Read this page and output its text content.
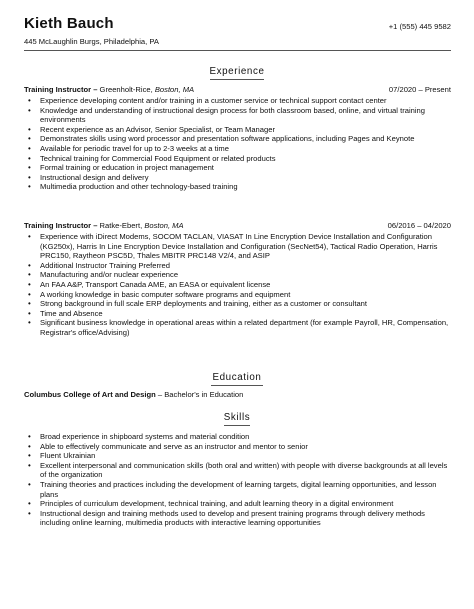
Kieth Bauch
445 McLaughlin Burgs, Philadelphia, PA
+1 (555) 445 9582
Experience
Training Instructor – Greenholt-Rice, Boston, MA	07/2020 – Present
• Experience developing content and/or training in a customer service or technical support contact center
• Knowledge and understanding of instructional design process for both classroom based, online, and virtual training environments
• Recent experience as an Advisor, Senior Specialist, or Team Manager
• Demonstrates skills using word processor and presentation software applications, including Pages and Keynote
• Available for periodic travel for up to 2-3 weeks at a time
• Technical training for Commercial Food Equipment or related products
• Formal training or education in project management
• Instructional design and delivery
• Multimedia production and other technology-based training
Training Instructor – Ratke-Ebert, Boston, MA	06/2016 – 04/2020
• Experience with iDirect Modems, SOCOM TACLAN, VIASAT In Line Encryption Device Installation and Configuration (KG250x), Harris In Line Encryption Device Installation and Configuration (SecNet54), Tactical Radio Operation, Harris PRC150, Raytheon PSC5D, Thales MBITR PRC148 V2/4, and ASIP
• Additional Instructor Training Preferred
• Manufacturing and/or nuclear experience
• An FAA A&P, Transport Canada AME, an EASA or equivalent license
• A working knowledge in basic computer software programs and equipment
• Strong background in full scale ERP deployments and training, either as a customer or consultant
• Time and Absence
• Significant business knowledge in operational areas within a related department (for example Payroll, HR, Compensation, Registrar's office/Advising)
Education
Columbus College of Art and Design – Bachelor's in Education
Skills
• Broad experience in shipboard systems and material condition
• Able to effectively communicate and serve as an instructor and mentor to senior
• Fluent Ukrainian
• Excellent interpersonal and communication skills (both oral and written) with people with diverse backgrounds at all levels of the organization
• Training theories and practices including the development of learning targets, digital learning opportunities, and lesson plans
• Principles of curriculum development, technical training, and adult learning theory in a digital environment
• Instructional design and training methods used to develop and present training programs through delivery methods including online learning, multimedia products with interactive learning opportunities
